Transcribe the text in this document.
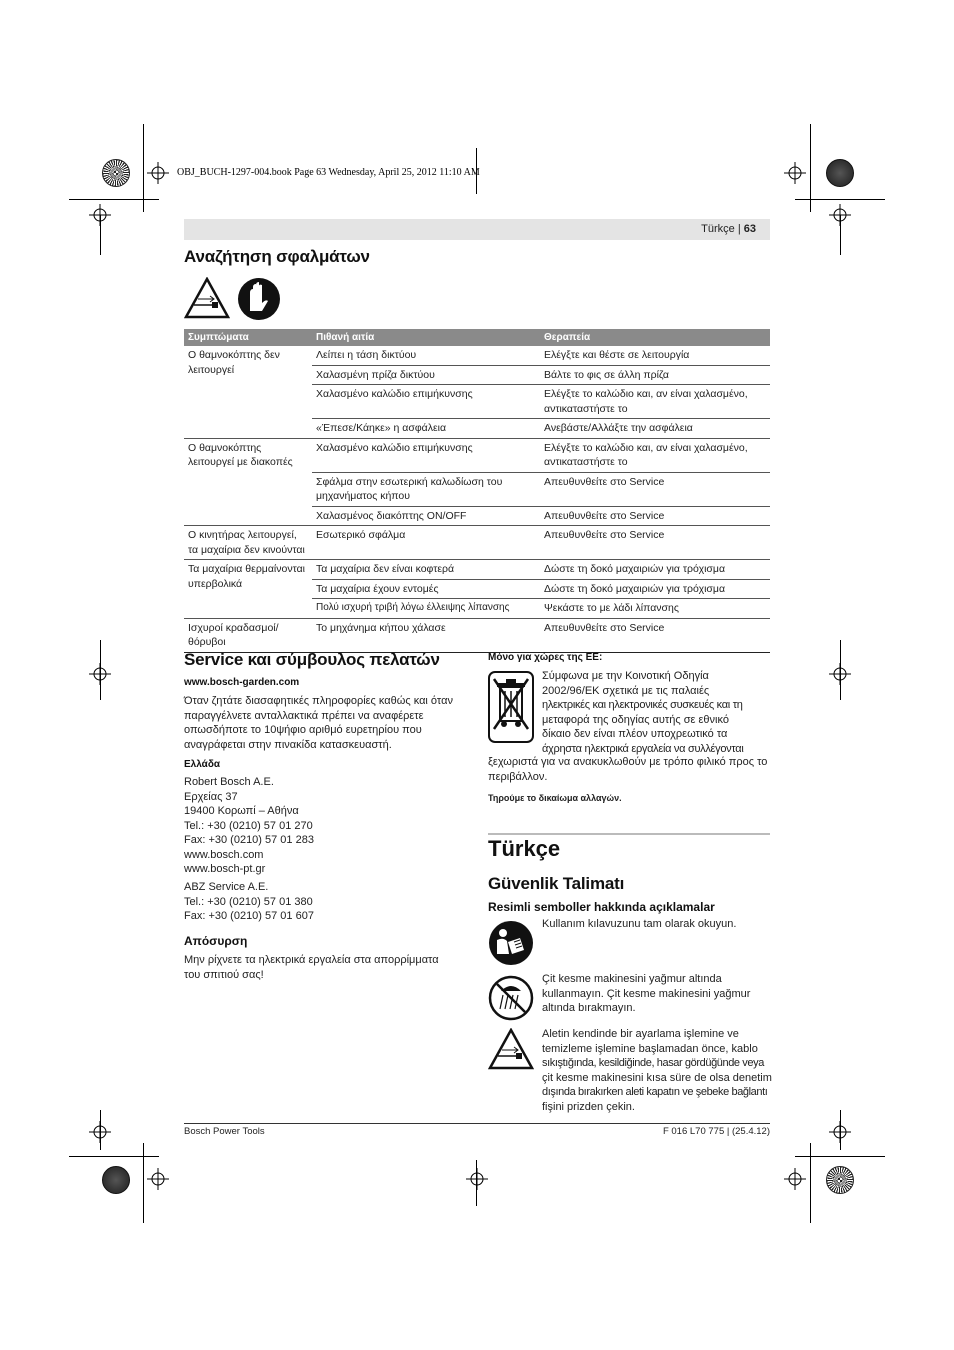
OBJ_BUCH-1297-004.book Page 63 Wednesday, April 25, 2012 11:10 AM
Türkçe | 63
Αναζήτηση σφαλμάτων
Συμπτώματα	Πιθανή αιτία	Θεραπεία
Ο θαμνοκόπτης δεν λειτουργεί	Λείπει η τάση δικτύου	Ελέγξτε και θέστε σε λειτουργία
	Χαλασμένη πρίζα δικτύου	Βάλτε το φις σε άλλη πρίζα
	Χαλασμένο καλώδιο επιμήκυνσης	Ελέγξτε το καλώδιο και, αν είναι χαλασμένο, αντικαταστήστε το
	«Έπεσε/Κάηκε» η ασφάλεια	Ανεβάστε/Αλλάξτε την ασφάλεια
Ο θαμνοκόπτης λειτουργεί με διακοπές	Χαλασμένο καλώδιο επιμήκυνσης	Ελέγξτε το καλώδιο και, αν είναι χαλασμένο, αντικαταστήστε το
	Σφάλμα στην εσωτερική καλωδίωση του μηχανήματος κήπου	Απευθυνθείτε στο Service
	Χαλασμένος διακόπτης ON/OFF	Απευθυνθείτε στο Service
Ο κινητήρας λειτουργεί, τα μαχαίρια δεν κινούνται	Εσωτερικό σφάλμα	Απευθυνθείτε στο Service
Τα μαχαίρια θερμαίνονται υπερβολικά	Τα μαχαίρια δεν είναι κοφτερά	Δώστε τη δοκό μαχαιριών για τρόχισμα
	Τα μαχαίρια έχουν εντομές	Δώστε τη δοκό μαχαιριών για τρόχισμα
	Πολύ ισχυρή τριβή λόγω έλλειψης λίπανσης	Ψεκάστε το με λάδι λίπανσης
Ισχυροί κραδασμοί/ θόρυβοι	Το μηχάνημα κήπου χάλασε	Απευθυνθείτε στο Service
Service και σύμβουλος πελατών
www.bosch-garden.com
Όταν ζητάτε διασαφητικές πληροφορίες καθώς και όταν παραγγέλνετε ανταλλακτικά πρέπει να αναφέρετε οπωσδήποτε το 10ψήφιο αριθμό ευρετηρίου που αναγράφεται στην πινακίδα κατασκευαστή.
Ελλάδα
Robert Bosch A.E.
Ερχείας 37
19400 Κορωπί – Αθήνα
Tel.: +30 (0210) 57 01 270
Fax: +30 (0210) 57 01 283
www.bosch.com
www.bosch-pt.gr
ABZ Service A.E.
Tel.: +30 (0210) 57 01 380
Fax: +30 (0210) 57 01 607
Απόσυρση
Μην ρίχνετε τα ηλεκτρικά εργαλεία στα απορρίμματα του σπιτιού σας!
Μόνο για χώρες της ΕΕ:
Σύμφωνα με την Κοινοτική Οδηγία
2002/96/ΕΚ σχετικά με τις παλαιές
ηλεκτρικές και ηλεκτρονικές συσκευές και τη
μεταφορά της οδηγίας αυτής σε εθνικό
δίκαιο δεν είναι πλέον υποχρεωτικό τα
άχρηστα ηλεκτρικά εργαλεία να συλλέγονται
ξεχωριστά για να ανακυκλωθούν με τρόπο φιλικό προς το περιβάλλον.
Τηρούμε το δικαίωμα αλλαγών.
Türkçe
Güvenlik Talimatı
Resimli semboller hakkında açıklamalar
Kullanım kılavuzunu tam olarak okuyun.
Çit kesme makinesini yağmur altında
kullanmayın. Çit kesme makinesini yağmur
altında bırakmayın.
Aletin kendinde bir ayarlama işlemine ve
temizleme işlemine başlamadan önce, kablo
sıkıştığında, kesildiğinde, hasar gördüğünde veya
çit kesme makinesini kısa süre de olsa denetim
dışında bırakırken aleti kapatın ve şebeke bağlantı
fişini prizden çekin.
Bosch Power Tools	F 016 L70 775 | (25.4.12)
